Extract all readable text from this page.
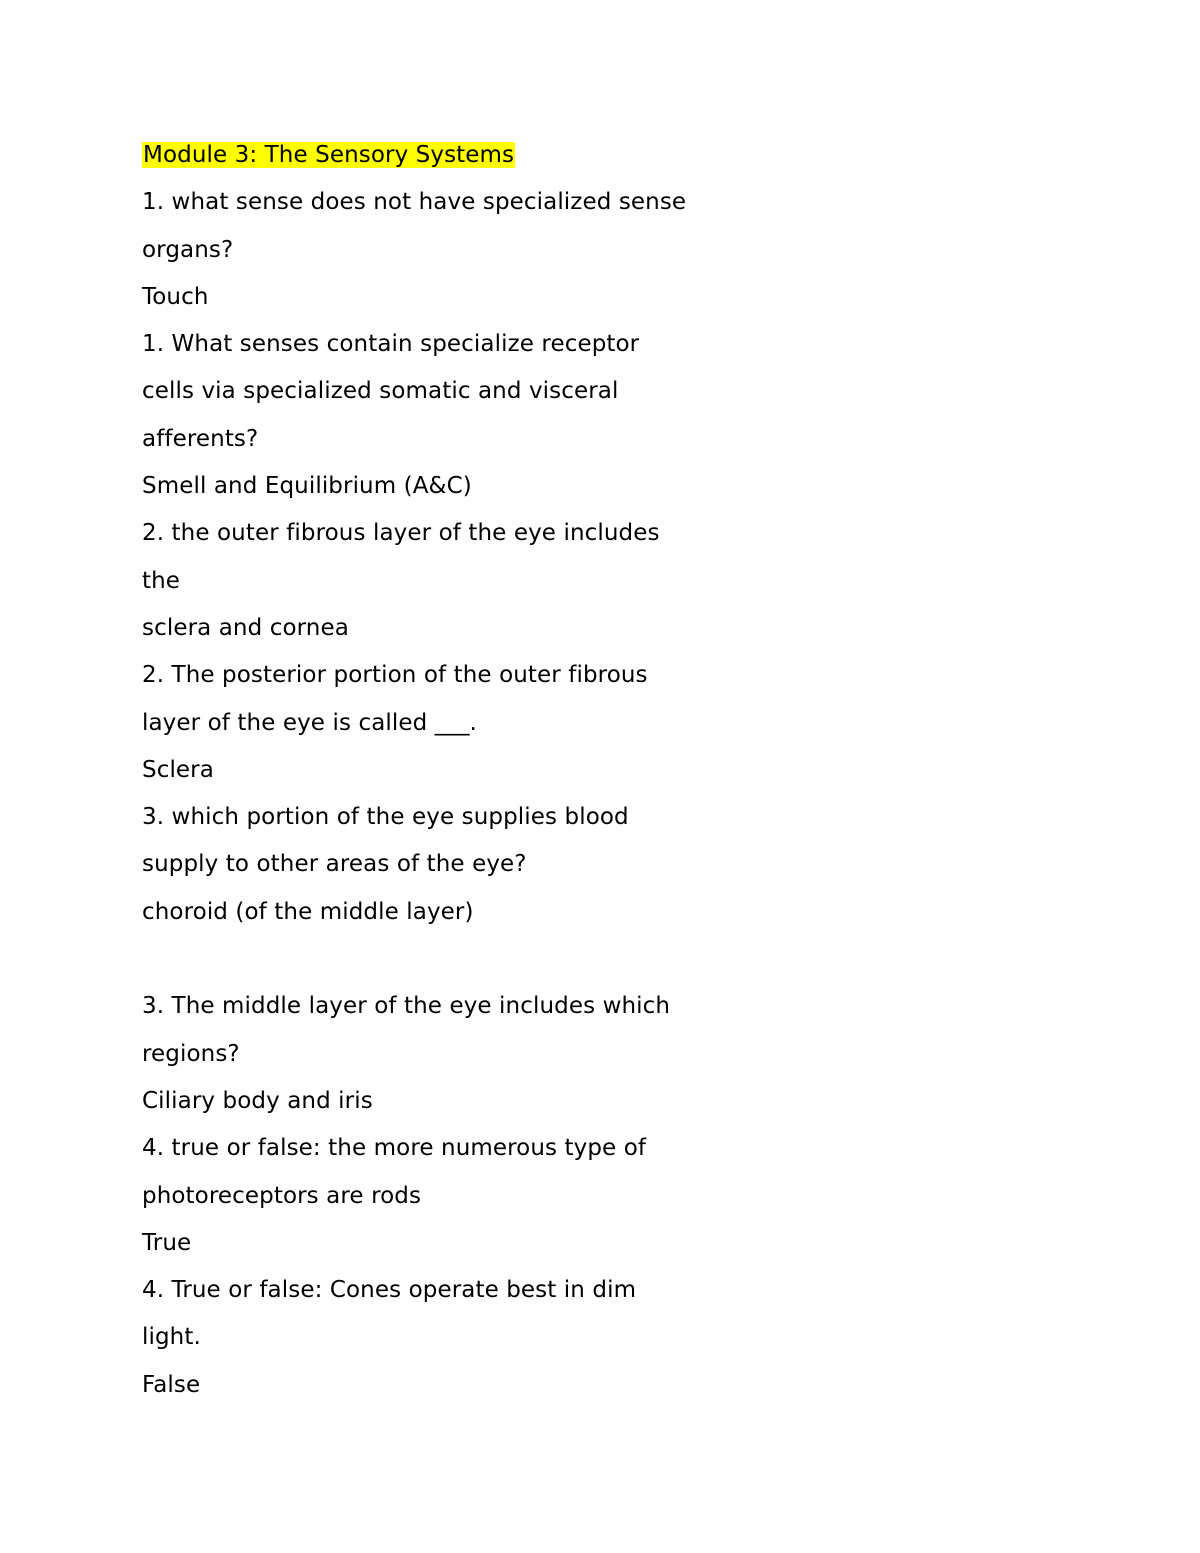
Module 3: The Sensory Systems
1. what sense does not have specialized sense
organs?
Touch
1. What senses contain specialize receptor
cells via specialized somatic and visceral
afferents?
Smell and Equilibrium (A&C)
2. the outer fibrous layer of the eye includes
the
sclera and cornea
2. The posterior portion of the outer fibrous
layer of the eye is called ___.
Sclera
3. which portion of the eye supplies blood
supply to other areas of the eye?
choroid (of the middle layer)
3. The middle layer of the eye includes which
regions?
Ciliary body and iris
4. true or false: the more numerous type of
photoreceptors are rods
True
4. True or false: Cones operate best in dim
light.
False
